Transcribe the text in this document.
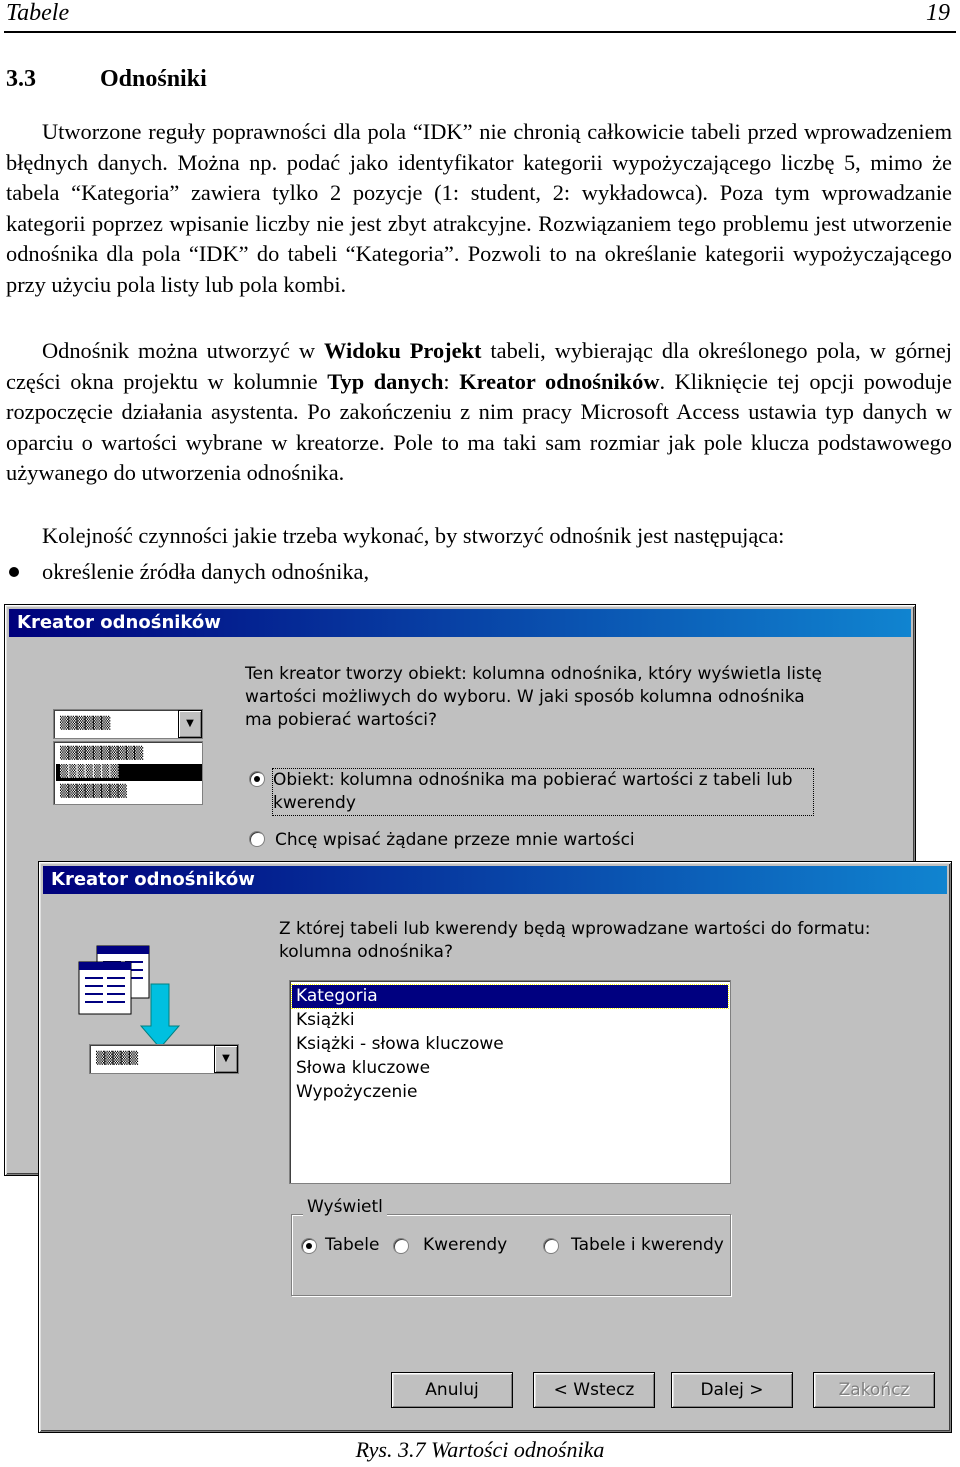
Tabele	19
3.3	Odnośniki

Utworzone reguły poprawności dla pola “IDK” nie chronią całkowicie tabeli przed wprowadzeniem błędnych danych. Można np. podać jako identyfikator kategorii wypożyczającego liczbę 5, mimo że tabela “Kategoria” zawiera tylko 2 pozycje (1: student, 2: wykładowca). Poza tym wprowadzanie kategorii poprzez wpisanie liczby nie jest zbyt atrakcyjne. Rozwiązaniem tego problemu jest utworzenie odnośnika dla pola “IDK” do tabeli “Kategoria”. Pozwoli to na określanie kategorii wypożyczającego przy użyciu pola listy lub pola kombi.

Odnośnik można utworzyć w Widoku Projekt tabeli, wybierając dla określonego pola, w górnej części okna projektu w kolumnie Typ danych: Kreator odnośników. Kliknięcie tej opcji powoduje rozpoczęcie działania asystenta. Po zakończeniu z nim pracy Microsoft Access ustawia typ danych w oparciu o wartości wybrane w kreatorze. Pole to ma taki sam rozmiar jak pole klucza podstawowego używanego do utworzenia odnośnika.

Kolejność czynności jakie trzeba wykonać, by stworzyć odnośnik jest następująca:
określenie źródła danych odnośnika,
Kreator odnośników
▒▒▒▒▒▒	▼
▒▒▒▒▒▒▒▒▒▒
▒▒▒▒▒▒▒
▒▒▒▒▒▒▒▒
Ten kreator tworzy obiekt: kolumna odnośnika, który wyświetla listę wartości możliwych do wyboru. W jaki sposób kolumna odnośnika ma pobierać wartości?
Obiekt: kolumna odnośnika ma pobierać wartości z tabeli lub kwerendy
Chcę wpisać żądane przeze mnie wartości
Kreator odnośników
▒▒▒▒▒	▼
Z której tabeli lub kwerendy będą wprowadzane wartości do formatu: kolumna odnośnika?
Kategoria
Książki
Książki - słowa kluczowe
Słowa kluczowe
Wypożyczenie
Wyświetl
Tabele	Kwerendy	Tabele i kwerendy
Anuluj	< Wstecz	Dalej >	Zakończ
Rys. 3.7 Wartości odnośnika
